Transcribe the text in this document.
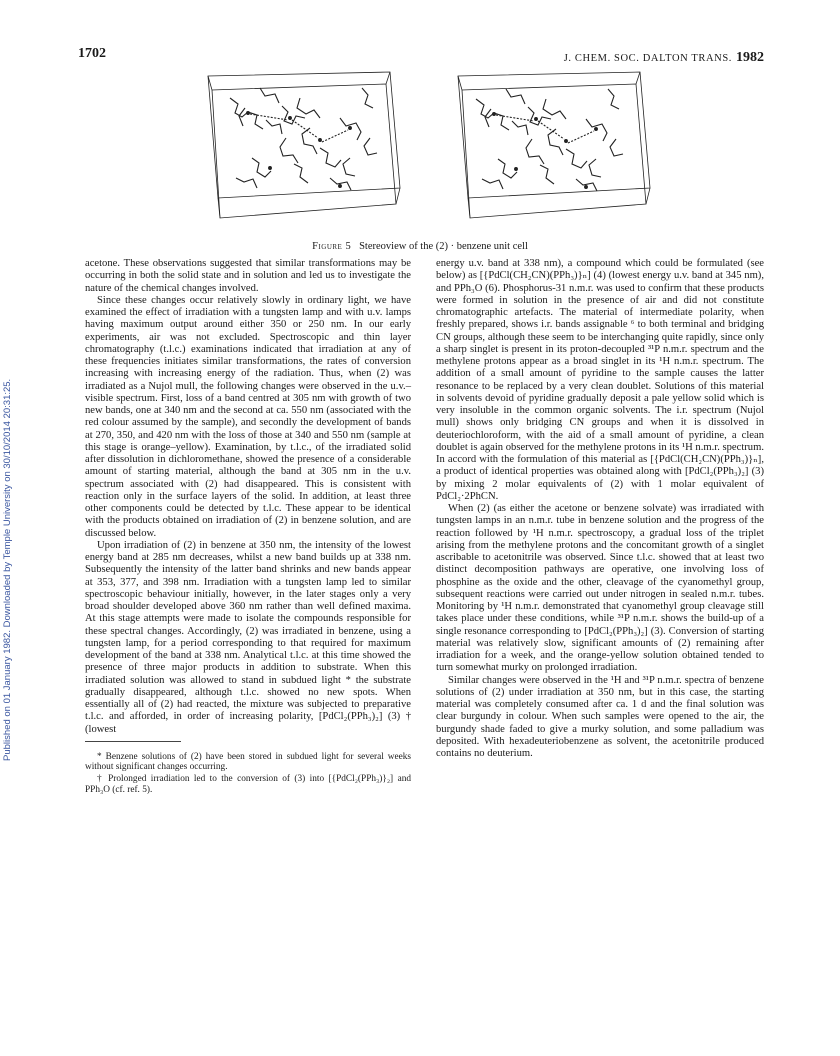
1702	J. CHEM. SOC. DALTON TRANS. 1982
Published on 01 January 1982. Downloaded by Temple University on 30/10/2014 20:31:25.
Figure 5 Stereoview of the (2) · benzene unit cell

acetone. These observations suggested that similar transformations may be occurring in both the solid state and in solution and led us to investigate the nature of the chemical changes involved.

Since these changes occur relatively slowly in ordinary light, we have examined the effect of irradiation with a tungsten lamp and with u.v. lamps having maximum output around either 350 or 250 nm. In our early experiments, air was not excluded. Spectroscopic and thin layer chromatography (t.l.c.) examinations indicated that irradiation at any of these frequencies initiates similar transformations, the rates of conversion increasing with increasing energy of the radiation. Thus, when (2) was irradiated as a Nujol mull, the following changes were observed in the u.v.–visible spectrum. First, loss of a band centred at 305 nm with growth of two new bands, one at 340 nm and the second at ca. 550 nm (associated with the red colour assumed by the sample), and secondly the development of bands at 270, 350, and 420 nm with the loss of those at 340 and 550 nm (sample at this stage is orange–yellow). Examination, by t.l.c., of the irradiated solid after dissolution in dichloromethane, showed the presence of a considerable amount of starting material, although the band at 305 nm in the u.v. spectrum associated with (2) had disappeared. This is consistent with reaction only in the surface layers of the solid. In addition, at least three other components could be detected by t.l.c. These appear to be identical with the products obtained on irradiation of (2) in benzene solution, and are discussed below.

Upon irradiation of (2) in benzene at 350 nm, the intensity of the lowest energy band at 285 nm decreases, whilst a new band builds up at 338 nm. Subsequently the intensity of the latter band shrinks and new bands appear at 353, 377, and 398 nm. Irradiation with a tungsten lamp led to similar spectroscopic behaviour initially, however, in the later stages only a very broad shoulder developed above 360 nm rather than well defined maxima. At this stage attempts were made to isolate the compounds responsible for these spectral changes. Accordingly, (2) was irradiated in benzene, using a tungsten lamp, for a period corresponding to that required for maximum development of the band at 338 nm. Analytical t.l.c. at this time showed the presence of three major products in addition to substrate. When this irradiated solution was allowed to stand in subdued light * the substrate gradually disappeared, although t.l.c. showed no new spots. When essentially all of (2) had reacted, the mixture was subjected to preparative t.l.c. and afforded, in order of increasing polarity, [PdCl₂(PPh₃)₂] (3) † (lowest

* Benzene solutions of (2) have been stored in subdued light for several weeks without significant changes occurring.

† Prolonged irradiation led to the conversion of (3) into [{PdCl₂(PPh₃)}₂] and PPh₃O (cf. ref. 5).

energy u.v. band at 338 nm), a compound which could be formulated (see below) as [{PdCl(CH₂CN)(PPh₃)}ₙ] (4) (lowest energy u.v. band at 345 nm), and PPh₃O (6). Phosphorus-31 n.m.r. was used to confirm that these products were formed in solution in the presence of air and did not constitute chromatographic artefacts. The material of intermediate polarity, when freshly prepared, shows i.r. bands assignable ⁶ to both terminal and bridging CN groups, although these seem to be interchanging quite rapidly, since only a sharp singlet is present in its proton-decoupled ³¹P n.m.r. spectrum and the methylene protons appear as a broad singlet in its ¹H n.m.r. spectrum. The addition of a small amount of pyridine to the sample causes the latter resonance to be replaced by a very clean doublet. Solutions of this material in solvents devoid of pyridine gradually deposit a pale yellow solid which is very insoluble in the common organic solvents. The i.r. spectrum (Nujol mull) shows only bridging CN groups and when it is dissolved in deuteriochloroform, with the aid of a small amount of pyridine, a clean doublet is again observed for the methylene protons in its ¹H n.m.r. spectrum. In accord with the formulation of this material as [{PdCl(CH₂CN)(PPh₃)}ₙ], a product of identical properties was obtained along with [PdCl₂(PPh₃)₂] (3) by mixing 2 molar equivalents of (2) with 1 molar equivalent of PdCl₂·2PhCN.

When (2) (as either the acetone or benzene solvate) was irradiated with tungsten lamps in an n.m.r. tube in benzene solution and the progress of the reaction followed by ¹H n.m.r. spectroscopy, a gradual loss of the triplet arising from the methylene protons and the concomitant growth of a singlet ascribable to acetonitrile was observed. Since t.l.c. showed that at least two distinct decomposition pathways are operative, one involving loss of phosphine as the oxide and the other, cleavage of the cyanomethyl group, subsequent reactions were carried out under nitrogen in sealed n.m.r. tubes. Monitoring by ¹H n.m.r. demonstrated that cyanomethyl group cleavage still takes place under these conditions, while ³¹P n.m.r. shows the build-up of a single resonance corresponding to [PdCl₂(PPh₃)₂] (3). Conversion of starting material was relatively slow, significant amounts of (2) remaining after irradiation for a week, and the orange-yellow solution obtained tended to turn somewhat murky on prolonged irradiation.

Similar changes were observed in the ¹H and ³¹P n.m.r. spectra of benzene solutions of (2) under irradiation at 350 nm, but in this case, the starting material was completely consumed after ca. 1 d and the final solution was clear burgundy in colour. When such samples were opened to the air, the burgundy shade faded to give a murky solution, and some palladium was deposited. With hexadeuteriobenzene as solvent, the acetonitrile produced contains no deuterium.
